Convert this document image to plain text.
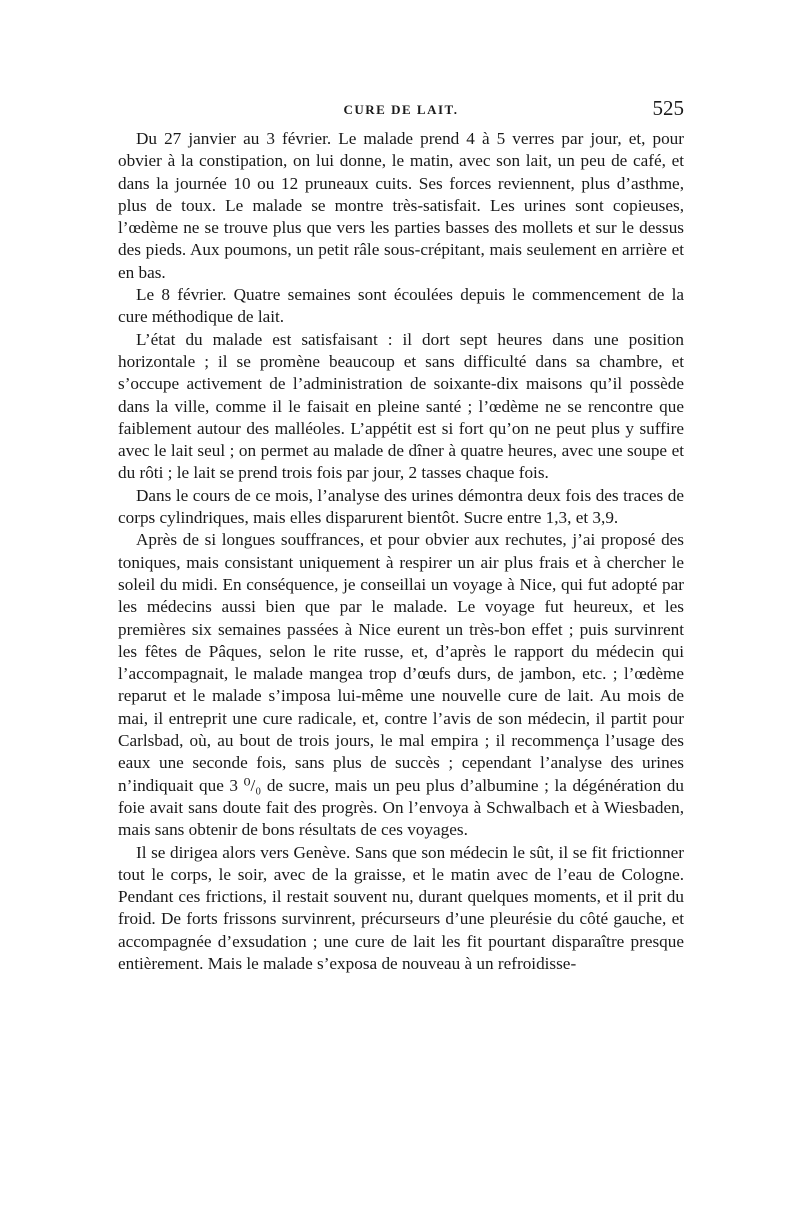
CURE DE LAIT.	525

Du 27 janvier au 3 février. Le malade prend 4 à 5 verres par jour, et, pour obvier à la constipation, on lui donne, le matin, avec son lait, un peu de café, et dans la journée 10 ou 12 pruneaux cuits. Ses forces reviennent, plus d’asthme, plus de toux. Le malade se montre très-satisfait. Les urines sont copieuses, l’œdème ne se trouve plus que vers les parties basses des mollets et sur le dessus des pieds. Aux poumons, un petit râle sous-crépitant, mais seulement en arrière et en bas.

Le 8 février. Quatre semaines sont écoulées depuis le commencement de la cure méthodique de lait.

L’état du malade est satisfaisant : il dort sept heures dans une position horizontale ; il se promène beaucoup et sans difficulté dans sa chambre, et s’occupe activement de l’administration de soixante-dix maisons qu’il possède dans la ville, comme il le faisait en pleine santé ; l’œdème ne se rencontre que faiblement autour des malléoles. L’appétit est si fort qu’on ne peut plus y suffire avec le lait seul ; on permet au malade de dîner à quatre heures, avec une soupe et du rôti ; le lait se prend trois fois par jour, 2 tasses chaque fois.

Dans le cours de ce mois, l’analyse des urines démontra deux fois des traces de corps cylindriques, mais elles disparurent bientôt. Sucre entre 1,3, et 3,9.

Après de si longues souffrances, et pour obvier aux rechutes, j’ai proposé des toniques, mais consistant uniquement à respirer un air plus frais et à chercher le soleil du midi. En conséquence, je conseillai un voyage à Nice, qui fut adopté par les médecins aussi bien que par le malade. Le voyage fut heureux, et les premières six semaines passées à Nice eurent un très-bon effet ; puis survinrent les fêtes de Pâques, selon le rite russe, et, d’après le rapport du médecin qui l’accompagnait, le malade mangea trop d’œufs durs, de jambon, etc. ; l’œdème reparut et le malade s’imposa lui-même une nouvelle cure de lait. Au mois de mai, il entreprit une cure radicale, et, contre l’avis de son médecin, il partit pour Carlsbad, où, au bout de trois jours, le mal empira ; il recommença l’usage des eaux une seconde fois, sans plus de succès ; cependant l’analyse des urines n’indiquait que 3 ⁰/₀ de sucre, mais un peu plus d’albumine ; la dégénération du foie avait sans doute fait des progrès. On l’envoya à Schwalbach et à Wiesbaden, mais sans obtenir de bons résultats de ces voyages.

Il se dirigea alors vers Genève. Sans que son médecin le sût, il se fit frictionner tout le corps, le soir, avec de la graisse, et le matin avec de l’eau de Cologne. Pendant ces frictions, il restait souvent nu, durant quelques moments, et il prit du froid. De forts frissons survinrent, précurseurs d’une pleurésie du côté gauche, et accompagnée d’exsudation ; une cure de lait les fit pourtant disparaître presque entièrement. Mais le malade s’exposa de nouveau à un refroidisse-
